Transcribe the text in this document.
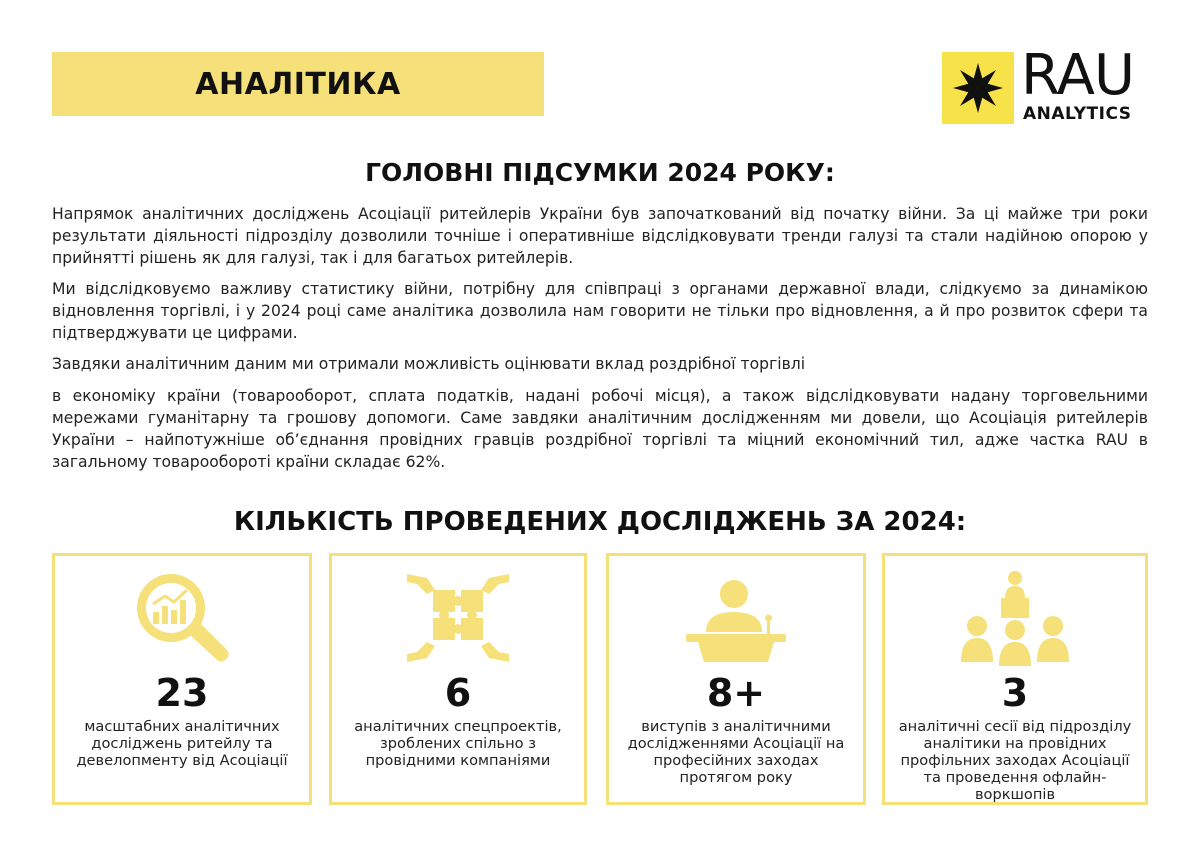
АНАЛІТИКА	RAU
ANALYTICS
ГОЛОВНІ ПІДСУМКИ 2024 РОКУ:

Напрямок аналітичних досліджень Асоціації ритейлерів України був започаткований від початку війни. За ці майже три роки результати діяльності підрозділу дозволили точніше і оперативніше відслідковувати тренди галузі та стали надійною опорою у прийнятті рішень як для галузі, так і для багатьох ритейлерів.

Ми відслідковуємо важливу статистику війни, потрібну для співпраці з органами державної влади, слідкуємо за динамікою відновлення торгівлі, і у 2024 році саме аналітика дозволила нам говорити не тільки про відновлення, а й про розвиток сфери та підтверджувати це цифрами.

Завдяки аналітичним даним ми отримали можливість оцінювати вклад роздрібної торгівлі

в економіку країни (товарооборот, сплата податків, надані робочі місця), а також відслідковувати надану торговельними мережами гуманітарну та грошову допомоги. Саме завдяки аналітичним дослідженням ми довели, що Асоціація ритейлерів України – найпотужніше об’єднання провідних гравців роздрібної торгівлі та міцний економічний тил, адже частка RAU в загальному товарообороті країни складає 62%.

КІЛЬКІСТЬ ПРОВЕДЕНИХ ДОСЛІДЖЕНЬ ЗА 2024:
23
масштабних аналітичних досліджень ритейлу та девелопменту від Асоціації
6
аналітичних спецпроектів, зроблених спільно з провідними компаніями
8+
виступів з аналітичними дослідженнями Асоціації на професійних заходах протягом року
3
аналітичні сесії від підрозділу аналітики на провідних профільних заходах Асоціації та проведення офлайн-воркшопів
